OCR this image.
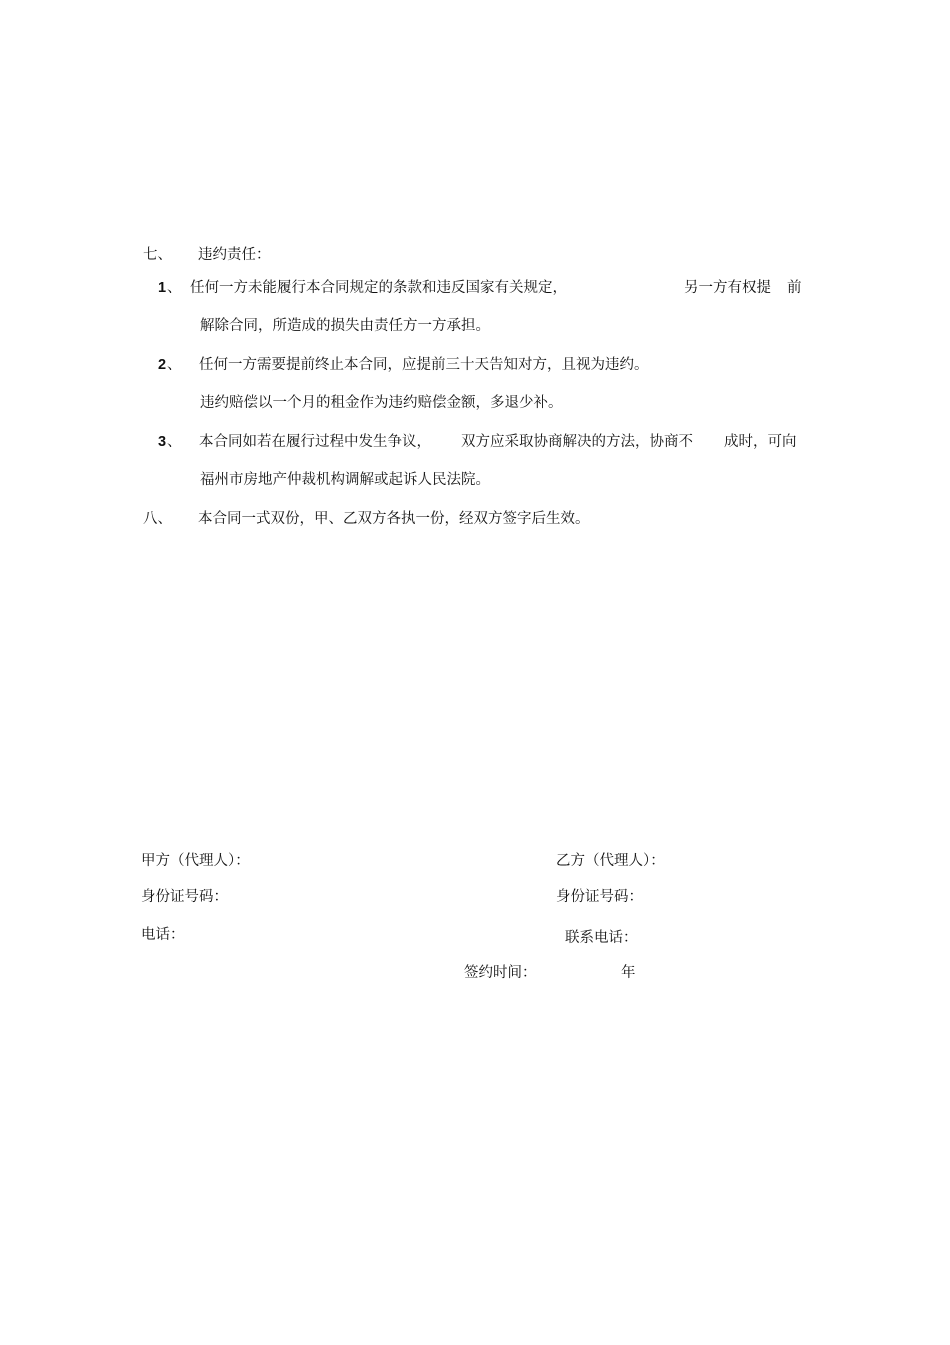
七、 违约责任：
1 、 任何一方未能履行本合同规定的条款和违反国家有关规定，	另一方有权提 前
解除合同，所造成的损失由责任方一方承担。
2 、 任何一方需要提前终止本合同，应提前三十天告知对方，且视为违约。
违约赔偿以一个月的租金作为违约赔偿金额，多退少补。
3 、 本合同如若在履行过程中发生争议， 双方应采取协商解决的方法，协商不 成时，可向
福州市房地产仲裁机构调解或起诉人民法院。
八、 本合同一式双份，甲、乙双方各执一份，经双方签字后生效。
甲方（代理人）：	乙方（代理人）：
身份证号码：	身份证号码：
电话：	联系电话：
签约时间：	年
